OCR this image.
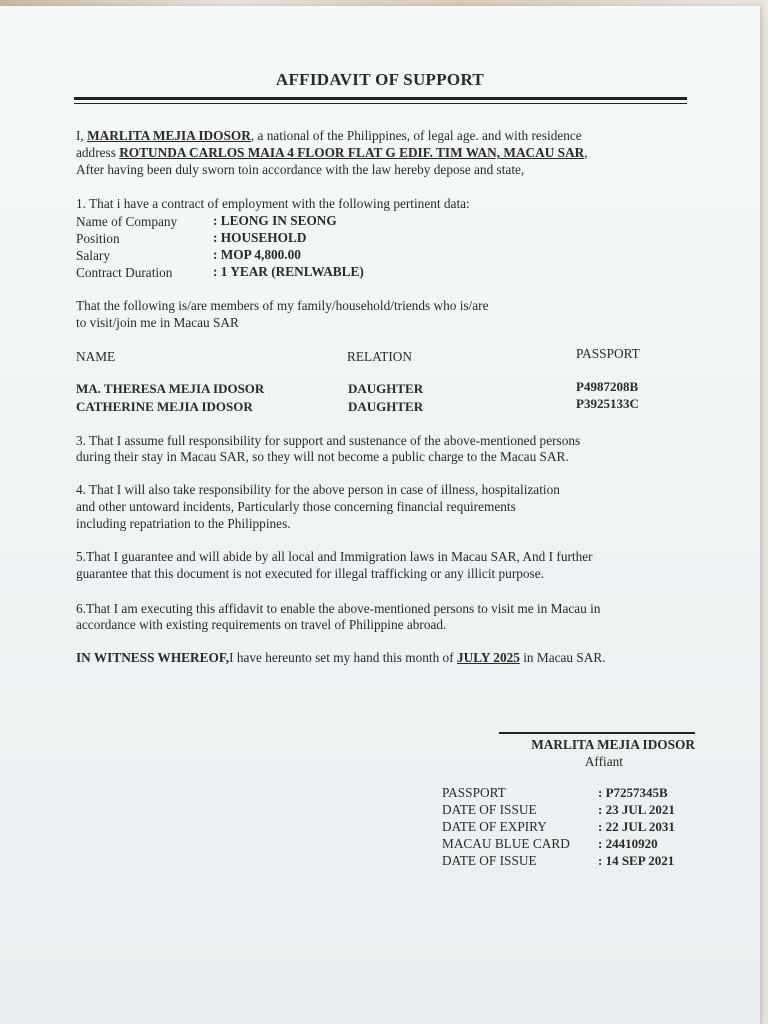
AFFIDAVIT OF SUPPORT
I, MARLITA MEJIA IDOSOR, a national of the Philippines, of legal age. and with residence
address ROTUNDA CARLOS MAIA 4 FLOOR FLAT G EDIF. TIM WAN, MACAU SAR,
After having been duly sworn toin accordance with the law hereby depose and state,
1. That i have a contract of employment with the following pertinent data:
Name of Company	: LEONG IN SEONG
Position	: HOUSEHOLD
Salary	: MOP 4,800.00
Contract Duration	: 1 YEAR (RENLWABLE)
That the following is/are members of my family/household/triends who is/are
to visit/join me in Macau SAR
NAME	RELATION	PASSPORT
MA. THERESA MEJIA IDOSOR	DAUGHTER	P4987208B
CATHERINE MEJIA IDOSOR	DAUGHTER	P3925133C
3. That I assume full responsibility for support and sustenance of the above-mentioned persons
during their stay in Macau SAR, so they will not become a public charge to the Macau SAR.
4. That I will also take responsibility for the above person in case of illness, hospitalization
and other untoward incidents, Particularly those concerning financial requirements
including repatriation to the Philippines.
5.That I guarantee and will abide by all local and Immigration laws in Macau SAR, And I further
guarantee that this document is not executed for illegal trafficking or any illicit purpose.
6.That I am executing this affidavit to enable the above-mentioned persons to visit me in Macau in
accordance with existing requirements on travel of Philippine abroad.
IN WITNESS WHEREOF,I have hereunto set my hand this month of JULY 2025 in Macau SAR.
MARLITA MEJIA IDOSOR
Affiant
PASSPORT	: P7257345B
DATE OF ISSUE	: 23 JUL 2021
DATE OF EXPIRY	: 22 JUL 2031
MACAU BLUE CARD : 24410920
DATE OF ISSUE	: 14 SEP 2021
